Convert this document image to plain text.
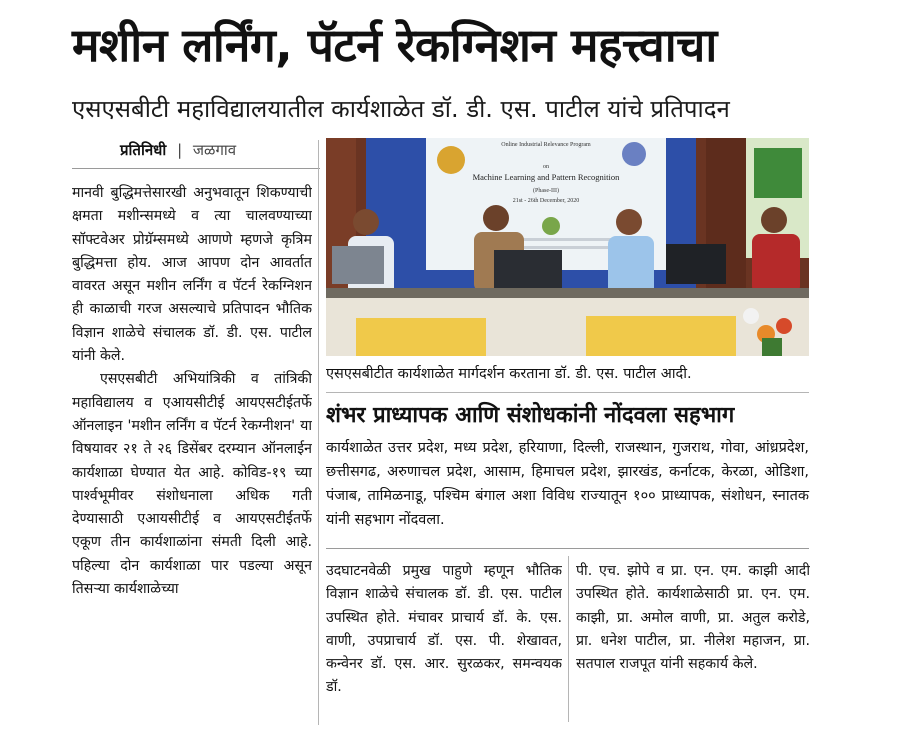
मशीन लर्निंग, पॅटर्न रेकग्निशन महत्त्वाचा
एसएसबीटी महाविद्यालयातील कार्यशाळेत डॉ. डी. एस. पाटील यांचे प्रतिपादन
प्रतिनिधी | जळगाव

मानवी बुद्धिमत्तेसारखी अनुभवातून शिकण्याची क्षमता मशीन्समध्ये व त्या चालवण्याच्या सॉफ्टवेअर प्रोग्रॅम्समध्ये आणणे म्हणजे कृत्रिम बुद्धिमत्ता होय. आज आपण दोन आवर्तात वावरत असून मशीन लर्निंग व पॅटर्न रेकग्निशन ही काळाची गरज असल्याचे प्रतिपादन भौतिक विज्ञान शाळेचे संचालक डॉ. डी. एस. पाटील यांनी केले.

एसएसबीटी अभियांत्रिकी व तांत्रिकी महाविद्यालय व एआयसीटीई आयएसटीईतर्फे ऑनलाइन 'मशीन लर्निंग व पॅटर्न रेकग्नीशन' या विषयावर २१ ते २६ डिसेंबर दरम्यान ऑनलाईन कार्यशाळा घेण्यात येत आहे. कोविड-१९ च्या पार्श्वभूमीवर संशोधनाला अधिक गती देण्यासाठी एआयसीटीई व आयएसटीईतर्फे एकूण तीन कार्यशाळांना संमती दिली आहे. पहिल्या दोन कार्यशाळा पार पडल्या असून तिसऱ्या कार्यशाळेच्या

Online Industrial Relevance Program
on
Machine Learning and Pattern Recognition
(Phase-III)
21st - 26th December, 2020
एसएसबीटीत कार्यशाळेत मार्गदर्शन करताना डॉ. डी. एस. पाटील आदी.
शंभर प्राध्यापक आणि संशोधकांनी नोंदवला सहभाग
कार्यशाळेत उत्तर प्रदेश, मध्य प्रदेश, हरियाणा, दिल्ली, राजस्थान, गुजराथ, गोवा, आंध्रप्रदेश, छत्तीसगढ, अरुणाचल प्रदेश, आसाम, हिमाचल प्रदेश, झारखंड, कर्नाटक, केरळा, ओडिशा, पंजाब, तामिळनाडू, पश्चिम बंगाल अशा विविध राज्यातून १०० प्राध्यापक, संशोधन, स्नातक यांनी सहभाग नोंदवला.
उदघाटनवेळी प्रमुख पाहुणे म्हणून भौतिक विज्ञान शाळेचे संचालक डॉ. डी. एस. पाटील उपस्थित होते. मंचावर प्राचार्य डॉ. के. एस. वाणी, उपप्राचार्य डॉ. एस. पी. शेखावत, कन्वेनर डॉ. एस. आर. सुरळकर, समन्वयक डॉ.
पी. एच. झोपे व प्रा. एन. एम. काझी आदी उपस्थित होते. कार्यशाळेसाठी प्रा. एन. एम. काझी, प्रा. अमोल वाणी, प्रा. अतुल करोडे, प्रा. धनेश पाटील, प्रा. नीलेश महाजन, प्रा. सतपाल राजपूत यांनी सहकार्य केले.
